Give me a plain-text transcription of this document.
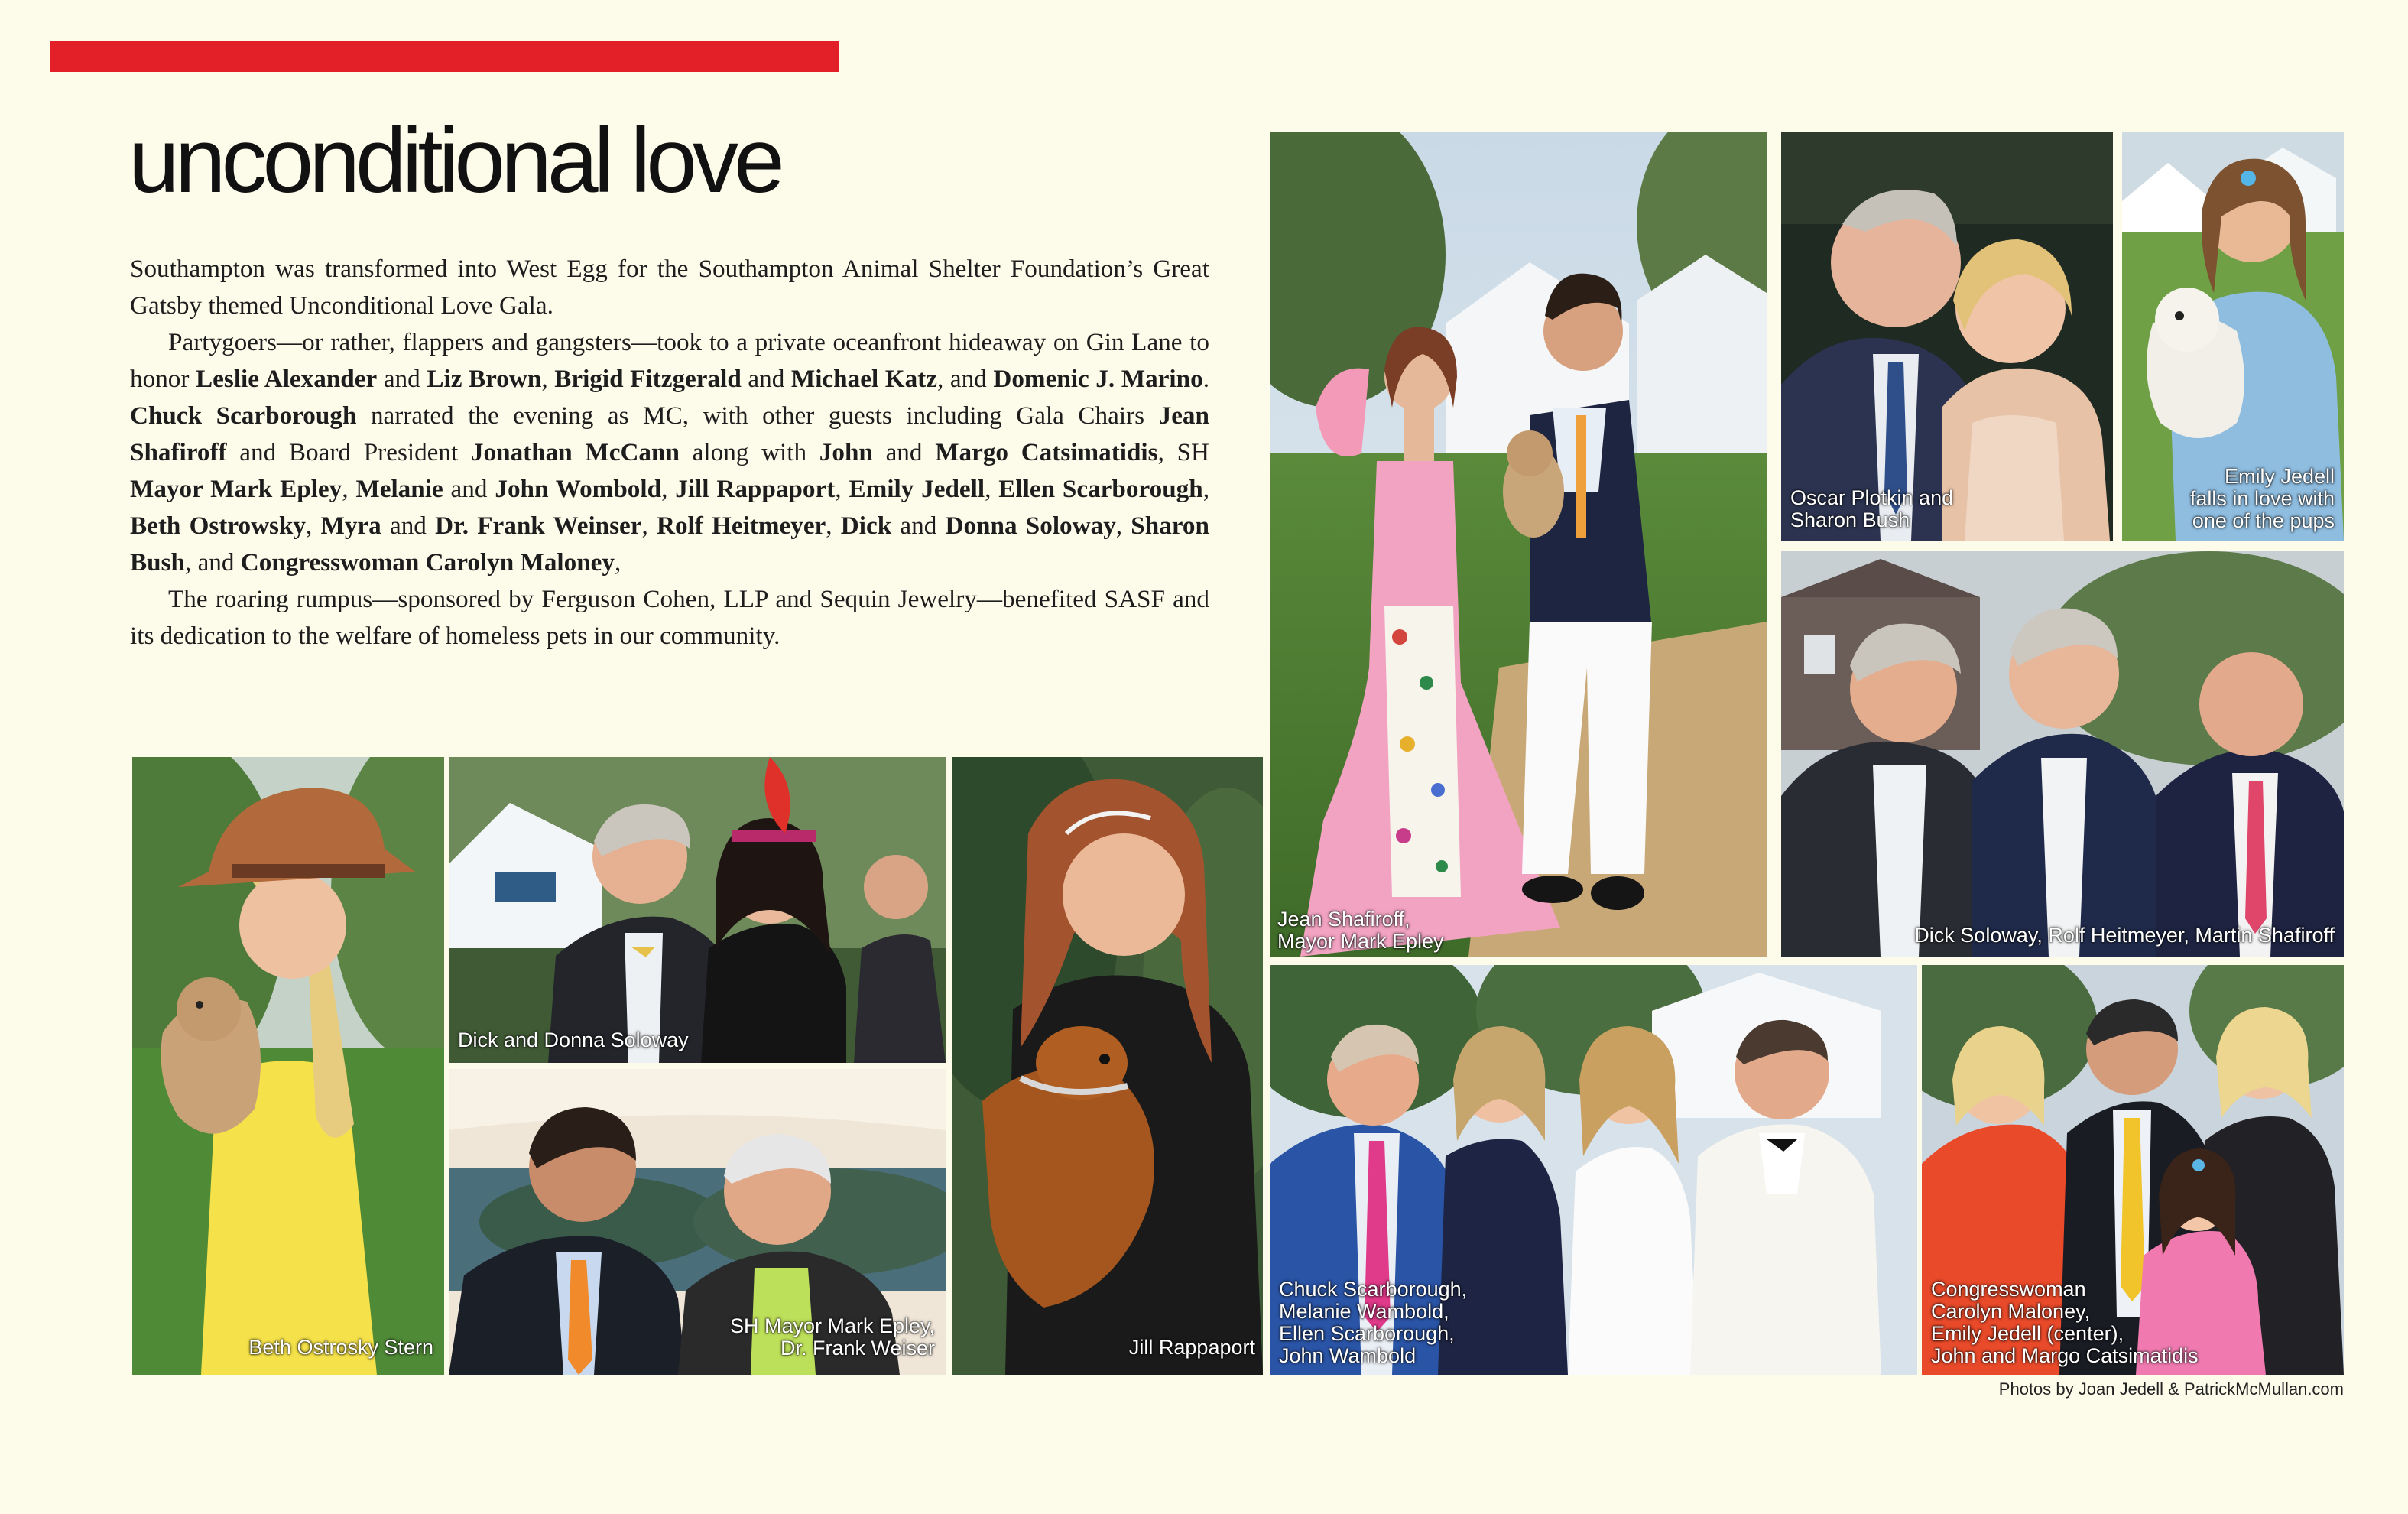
unconditional love

Southampton was transformed into West Egg for the Southampton Animal Shelter Foundation’s Great Gatsby themed Unconditional Love Gala.

Partygoers—or rather, flappers and gangsters—took to a private oceanfront hideaway on Gin Lane to honor Leslie Alexander and Liz Brown, Brigid Fitzgerald and Michael Katz, and Domenic J. Marino. Chuck Scarborough narrated the evening as MC, with other guests including Gala Chairs Jean Shafiroff and Board President Jonathan McCann along with John and Margo Catsimatidis, SH Mayor Mark Epley, Melanie and John Wombold, Jill Rappaport, Emily Jedell, Ellen Scarborough, Beth Ostrowsky, Myra and Dr. Frank Weinser, Rolf Heitmeyer, Dick and Donna Soloway, Sharon Bush, and Congresswoman Carolyn Maloney,

The roaring rumpus—sponsored by Ferguson Cohen, LLP and Sequin Jewelry—benefited SASF and its dedication to the welfare of homeless pets in our community.

Jean Shafiroff,
Mayor Mark Epley
Oscar Plotkin and
Sharon Bush
Emily Jedell
falls in love with
one of the pups
Dick Soloway, Rolf Heitmeyer, Martin Shafiroff
Beth Ostrosky Stern
Dick and Donna Soloway
SH Mayor Mark Epley,
Dr. Frank Weiser	Jill Rappaport
Chuck Scarborough,
Melanie Wambold,
Ellen Scarborough,
John Wambold
Congresswoman
Carolyn Maloney,
Emily Jedell (center),
John and Margo Catsimatidis
Photos by Joan Jedell & PatrickMcMullan.com
